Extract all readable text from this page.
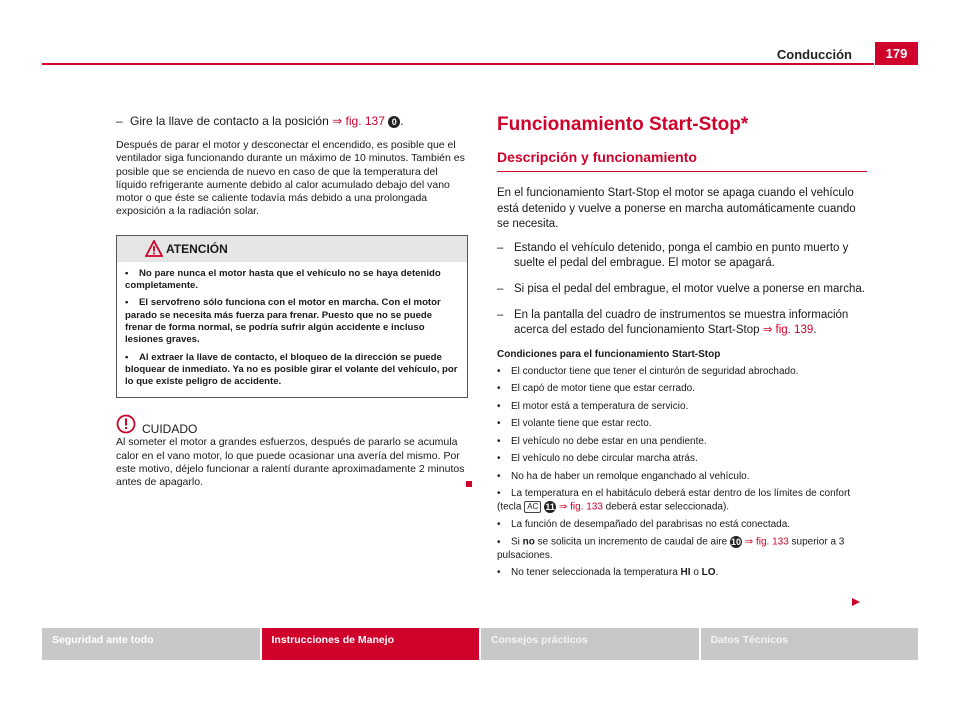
Conducción	179
– Gire la llave de contacto a la posición ⇒ fig. 137 0 .

Después de parar el motor y desconectar el encendido, es posible que el ventilador siga funcionando durante un máximo de 10 minutos. También es posible que se encienda de nuevo en caso de que la temperatura del líquido refrigerante aumente debido al calor acumulado debajo del vano motor o que éste se caliente todavía más debido a una prolongada exposición a la radiación solar.

ATENCIÓN
• No pare nunca el motor hasta que el vehículo no se haya detenido completamente.
• El servofreno sólo funciona con el motor en marcha. Con el motor parado se necesita más fuerza para frenar. Puesto que no se puede frenar de forma normal, se podría sufrir algún accidente e incluso lesiones graves.
• Al extraer la llave de contacto, el bloqueo de la dirección se puede bloquear de inmediato. Ya no es posible girar el volante del vehículo, por lo que existe peligro de accidente.
CUIDADO

Al someter el motor a grandes esfuerzos, después de pararlo se acumula calor en el vano motor, lo que puede ocasionar una avería del mismo. Por este motivo, déjelo funcionar a ralentí durante aproximadamente 2 minutos antes de apagarlo.

Funcionamiento Start-Stop*
Descripción y funcionamiento

En el funcionamiento Start-Stop el motor se apaga cuando el vehículo está detenido y vuelve a ponerse en marcha automáticamente cuando se necesita.

– Estando el vehículo detenido, ponga el cambio en punto muerto y suelte el pedal del embrague. El motor se apagará.
– Si pisa el pedal del embrague, el motor vuelve a ponerse en marcha.
– En la pantalla del cuadro de instrumentos se muestra información acerca del estado del funcionamiento Start-Stop ⇒ fig. 139.
Condiciones para el funcionamiento Start-Stop
• El conductor tiene que tener el cinturón de seguridad abrochado.
• El capó de motor tiene que estar cerrado.
• El motor está a temperatura de servicio.
• El volante tiene que estar recto.
• El vehículo no debe estar en una pendiente.
• El vehículo no debe circular marcha atrás.
• No ha de haber un remolque enganchado al vehículo.
• La temperatura en el habitáculo deberá estar dentro de los límites de confort (tecla AC 11 ⇒ fig. 133 deberá estar seleccionada).
• La función de desempañado del parabrisas no está conectada.
• Si no se solicita un incremento de caudal de aire 10 ⇒ fig. 133 superior a 3 pulsaciones.
• No tener seleccionada la temperatura HI o LO.
Seguridad ante todo	Instrucciones de Manejo	Consejos prácticos	Datos Técnicos
